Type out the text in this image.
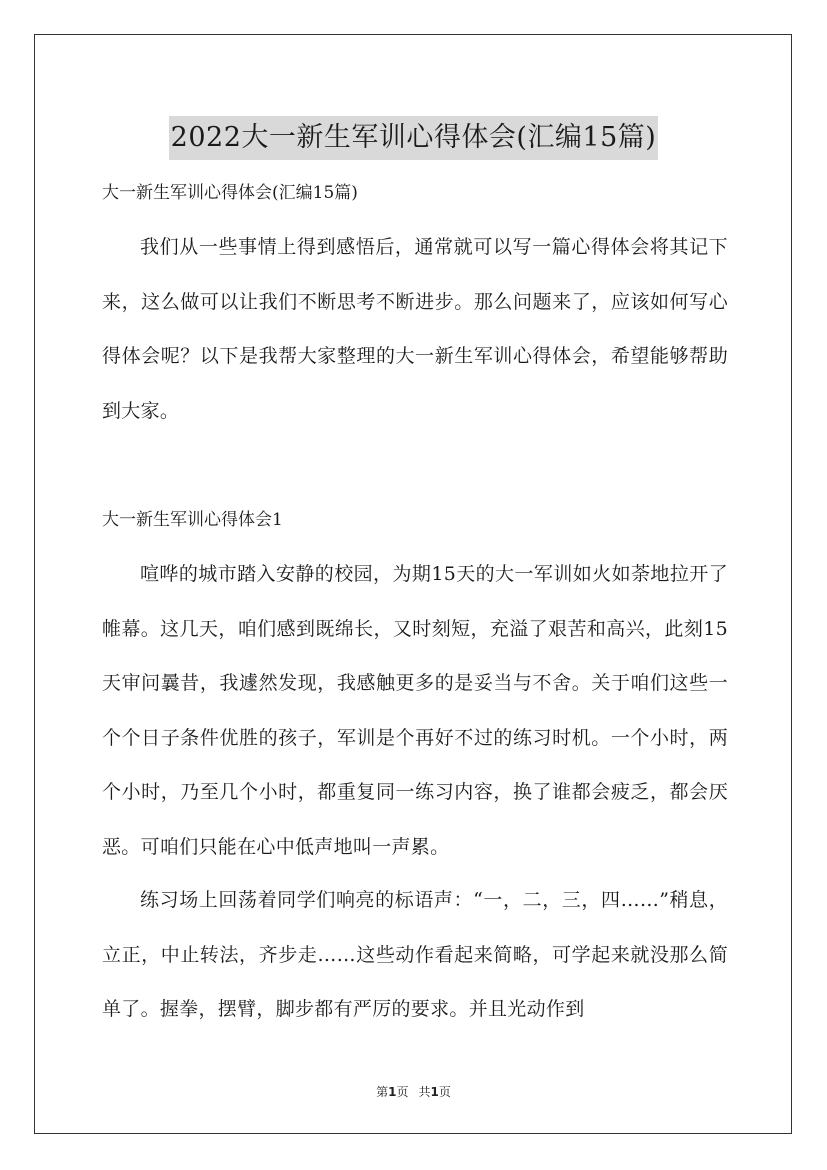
2022大一新生军训心得体会(汇编15篇)
大一新生军训心得体会(汇编15篇)

我们从一些事情上得到感悟后，通常就可以写一篇心得体会将其记下来，这么做可以让我们不断思考不断进步。那么问题来了，应该如何写心得体会呢？以下是我帮大家整理的大一新生军训心得体会，希望能够帮助到大家。

大一新生军训心得体会1

喧哗的城市踏入安静的校园，为期15天的大一军训如火如荼地拉开了帷幕。这几天，咱们感到既绵长，又时刻短，充溢了艰苦和高兴，此刻15天审问曩昔，我遽然发现，我感触更多的是妥当与不舍。关于咱们这些一个个日子条件优胜的孩子，军训是个再好不过的练习时机。一个小时，两个小时，乃至几个小时，都重复同一练习内容，换了谁都会疲乏，都会厌恶。可咱们只能在心中低声地叫一声累。

练习场上回荡着同学们响亮的标语声：“一，二，三，四……”稍息，立正，中止转法，齐步走……这些动作看起来简略，可学起来就没那么简单了。握拳，摆臂，脚步都有严厉的要求。并且光动作到

第1页 共1页
